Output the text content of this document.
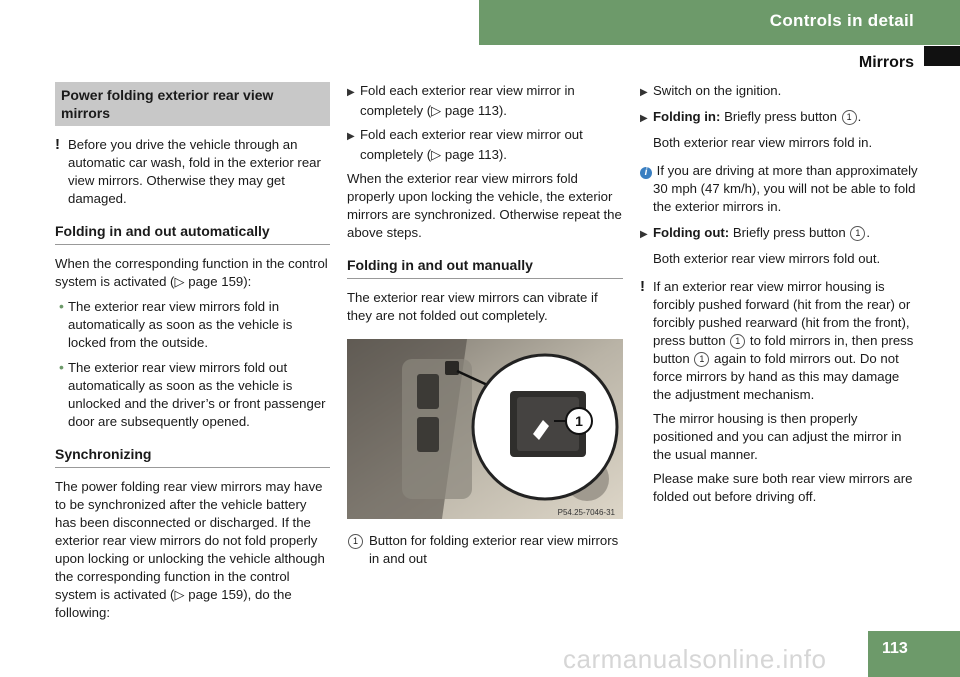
Controls in detail
Mirrors
Power folding exterior rear view mirrors

! Before you drive the vehicle through an automatic car wash, fold in the exterior rear view mirrors. Otherwise they may get damaged.

Folding in and out automatically

When the corresponding function in the control system is activated (▷ page 159):

• The exterior rear view mirrors fold in automatically as soon as the vehicle is locked from the outside.
• The exterior rear view mirrors fold out automatically as soon as the vehicle is unlocked and the driver’s or front passenger door are subsequently opened.
Synchronizing

The power folding rear view mirrors may have to be synchronized after the vehicle battery has been disconnected or discharged. If the exterior rear view mirrors do not fold properly upon locking or unlocking the vehicle although the corresponding function in the control system is activated (▷ page 159), do the following:

▶ Fold each exterior rear view mirror in completely (▷ page 113).
▶ Fold each exterior rear view mirror out completely (▷ page 113).

When the exterior rear view mirrors fold properly upon locking the vehicle, the exterior mirrors are synchronized. Otherwise repeat the above steps.

Folding in and out manually

The exterior rear view mirrors can vibrate if they are not folded out completely.

1
P54.25-7046-31
1 Button for folding exterior rear view mirrors in and out
▶ Switch on the ignition.
▶ Folding in: Briefly press button 1 .
Both exterior rear view mirrors fold in.

i If you are driving at more than approximately 30 mph (47 km/h), you will not be able to fold the exterior mirrors in.

▶ Folding out: Briefly press button 1 .
Both exterior rear view mirrors fold out.

! If an exterior rear view mirror housing is forcibly pushed forward (hit from the rear) or forcibly pushed rearward (hit from the front), press button 1 to fold mirrors in, then press button 1 again to fold mirrors out. Do not force mirrors by hand as this may damage the adjustment mechanism.

The mirror housing is then properly positioned and you can adjust the mirror in the usual manner.
Please make sure both rear view mirrors are folded out before driving off.
carmanualsonline.info	113
